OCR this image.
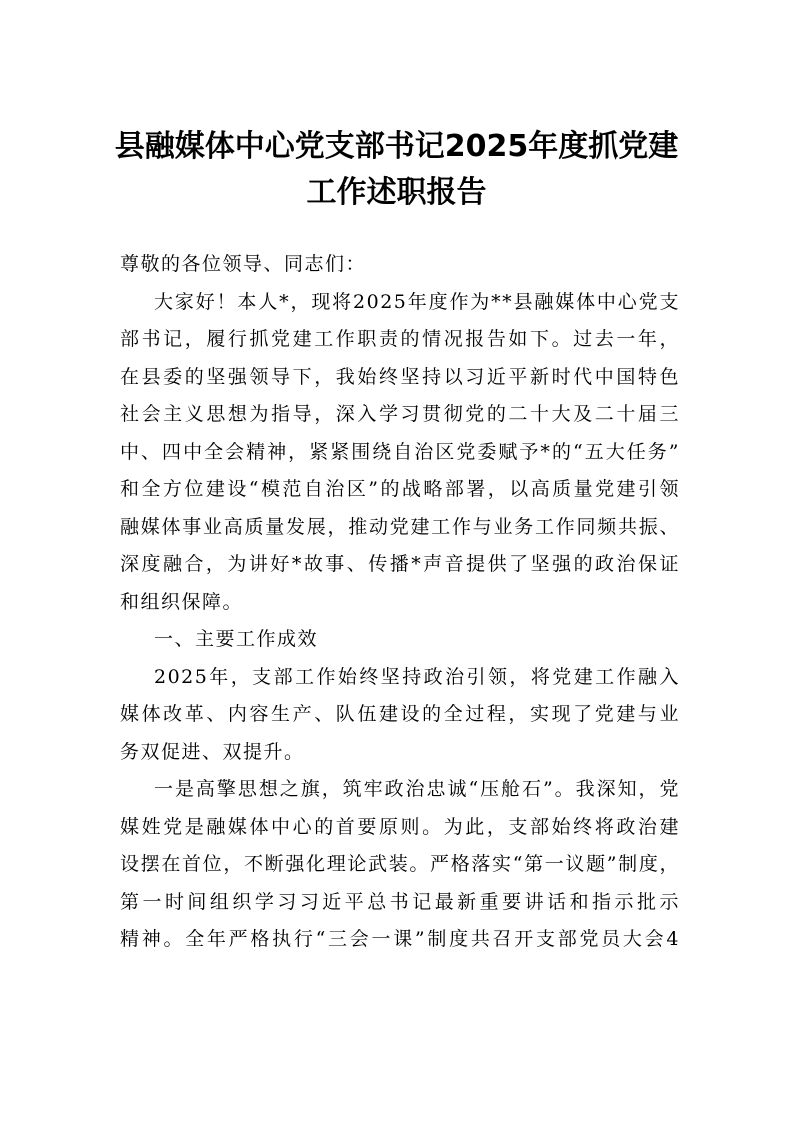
县融媒体中心党支部书记2025年度抓党建
工作述职报告
尊敬的各位领导、同志们：
大家好！本人*，现将2025年度作为**县融媒体中心党支
部书记，履行抓党建工作职责的情况报告如下。过去一年，
在县委的坚强领导下，我始终坚持以习近平新时代中国特色
社会主义思想为指导，深入学习贯彻党的二十大及二十届三
中、四中全会精神，紧紧围绕自治区党委赋予*的“五大任务”
和全方位建设“模范自治区”的战略部署，以高质量党建引领
融媒体事业高质量发展，推动党建工作与业务工作同频共振、
深度融合，为讲好*故事、传播*声音提供了坚强的政治保证
和组织保障。
一、主要工作成效
2025年，支部工作始终坚持政治引领，将党建工作融入
媒体改革、内容生产、队伍建设的全过程，实现了党建与业
务双促进、双提升。
一是高擎思想之旗，筑牢政治忠诚“压舱石”。我深知，党
媒姓党是融媒体中心的首要原则。为此，支部始终将政治建
设摆在首位，不断强化理论武装。严格落实“第一议题”制度，
第一时间组织学习习近平总书记最新重要讲话和指示批示
精神。全年严格执行“三会一课”制度共召开支部党员大会4
